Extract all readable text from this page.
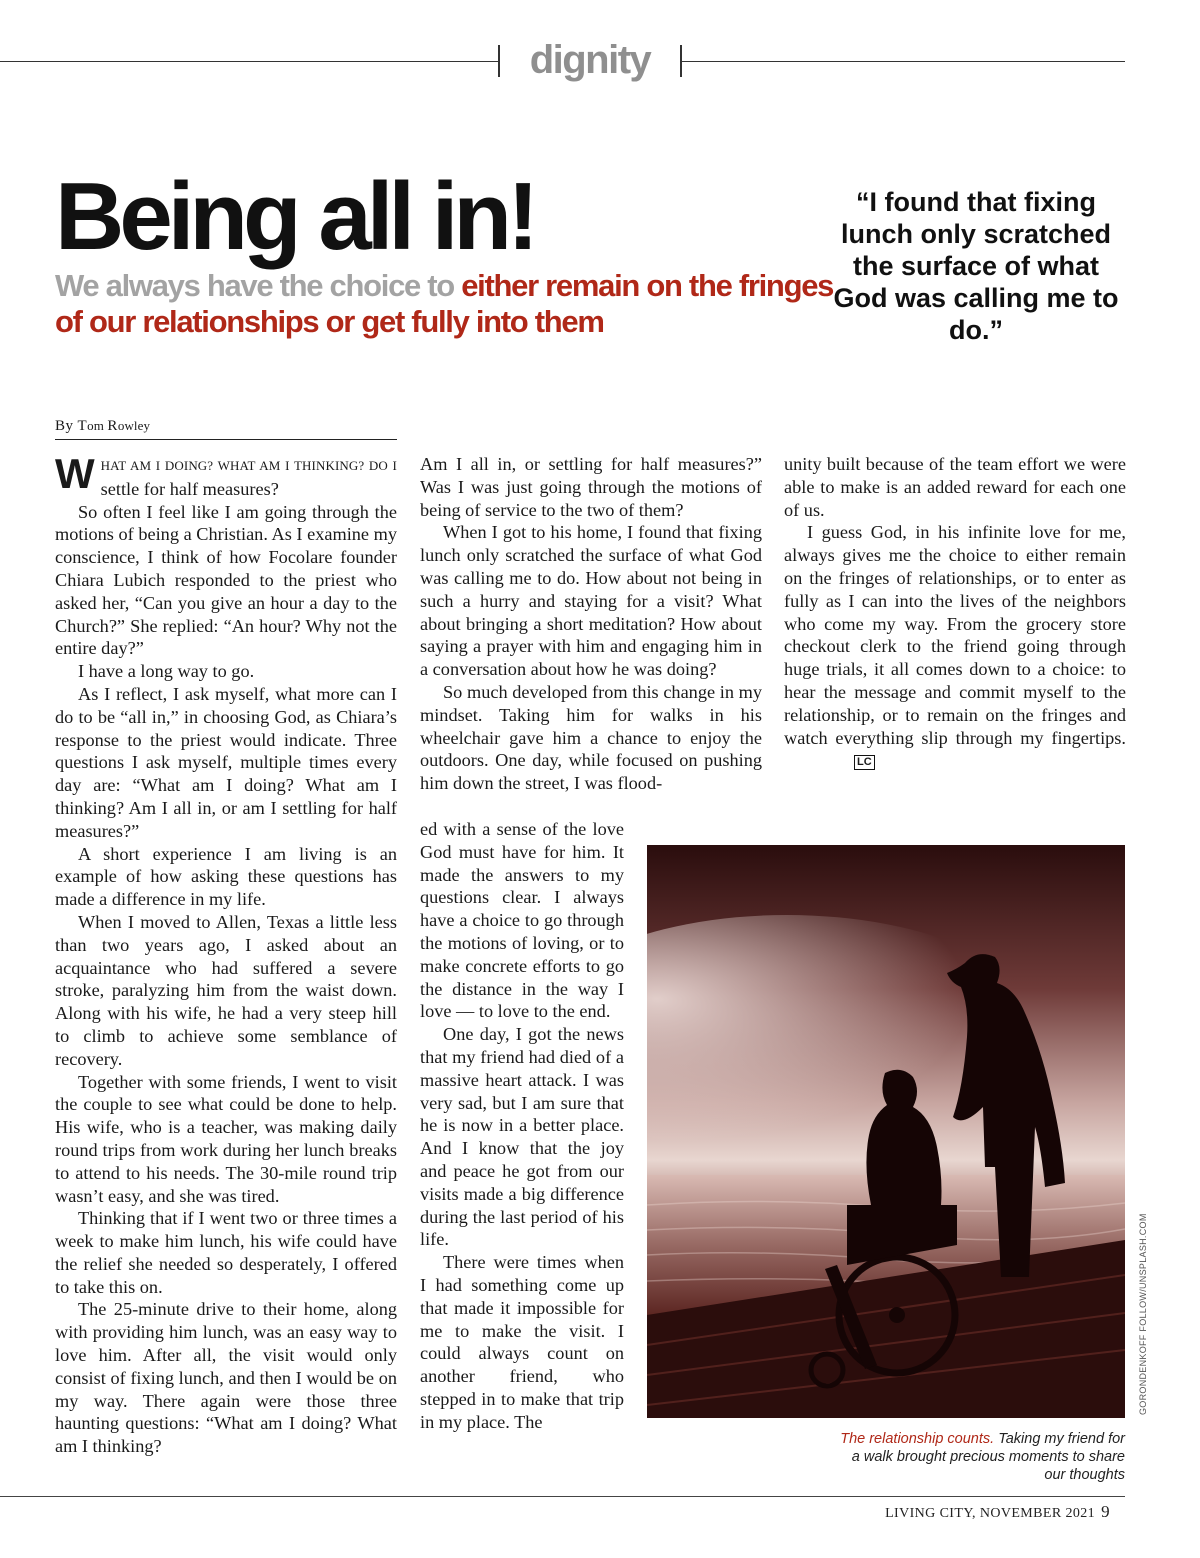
dignity
Being all in!

We always have the choice to either remain on the fringes of our relationships or get fully into them

“I found that fixing lunch only scratched the surface of what God was calling me to do.”
By Tom Rowley

WHAT AM I DOING? WHAT AM I THINKING? DO I settle for half measures?

So often I feel like I am going through the motions of being a Christian. As I examine my conscience, I think of how Focolare founder Chiara Lubich responded to the priest who asked her, “Can you give an hour a day to the Church?” She replied: “An hour? Why not the entire day?”

I have a long way to go.

As I reflect, I ask myself, what more can I do to be “all in,” in choosing God, as Chiara’s response to the priest would indicate. Three questions I ask myself, multiple times every day are: “What am I doing? What am I thinking? Am I all in, or am I settling for half measures?”

A short experience I am living is an example of how asking these questions has made a difference in my life.

When I moved to Allen, Texas a little less than two years ago, I asked about an acquaintance who had suffered a severe stroke, paralyzing him from the waist down. Along with his wife, he had a very steep hill to climb to achieve some semblance of recovery.

Together with some friends, I went to visit the couple to see what could be done to help. His wife, who is a teacher, was making daily round trips from work during her lunch breaks to attend to his needs. The 30-mile round trip wasn’t easy, and she was tired.

Thinking that if I went two or three times a week to make him lunch, his wife could have the relief she needed so desperately, I offered to take this on.

The 25-minute drive to their home, along with providing him lunch, was an easy way to love him. After all, the visit would only consist of fixing lunch, and then I would be on my way. There again were those three haunting questions: “What am I doing? What am I thinking?

Am I all in, or settling for half measures?” Was I was just going through the motions of being of service to the two of them?

When I got to his home, I found that fixing lunch only scratched the surface of what God was calling me to do. How about not being in such a hurry and staying for a visit? What about bringing a short meditation? How about saying a prayer with him and engaging him in a conversation about how he was doing?

So much developed from this change in my mindset. Taking him for walks in his wheelchair gave him a chance to enjoy the outdoors. One day, while focused on pushing him down the street, I was flood-

ed with a sense of the love God must have for him. It made the answers to my questions clear. I always have a choice to go through the motions of loving, or to make concrete efforts to go the distance in the way I love — to love to the end.

One day, I got the news that my friend had died of a massive heart attack. I was very sad, but I am sure that he is now in a better place. And I know that the joy and peace he got from our visits made a big difference during the last period of his life.

There were times when I had something come up that made it impossible for me to make the visit. I could always count on another friend, who stepped in to make that trip in my place. The

unity built because of the team effort we were able to make is an added reward for each one of us.

I guess God, in his infinite love for me, always gives me the choice to either remain on the fringes of relationships, or to enter as fully as I can into the lives of the neighbors who come my way. From the grocery store checkout clerk to the friend going through huge trials, it all comes down to a choice: to hear the message and commit myself to the relationship, or to remain on the fringes and watch everything slip through my fingertips.LC

GORONDENKOFF FOLLOW/UNSPLASH.COM
The relationship counts. Taking my friend for a walk brought precious moments to share our thoughts
LIVING CITY, NOVEMBER 2021 9
